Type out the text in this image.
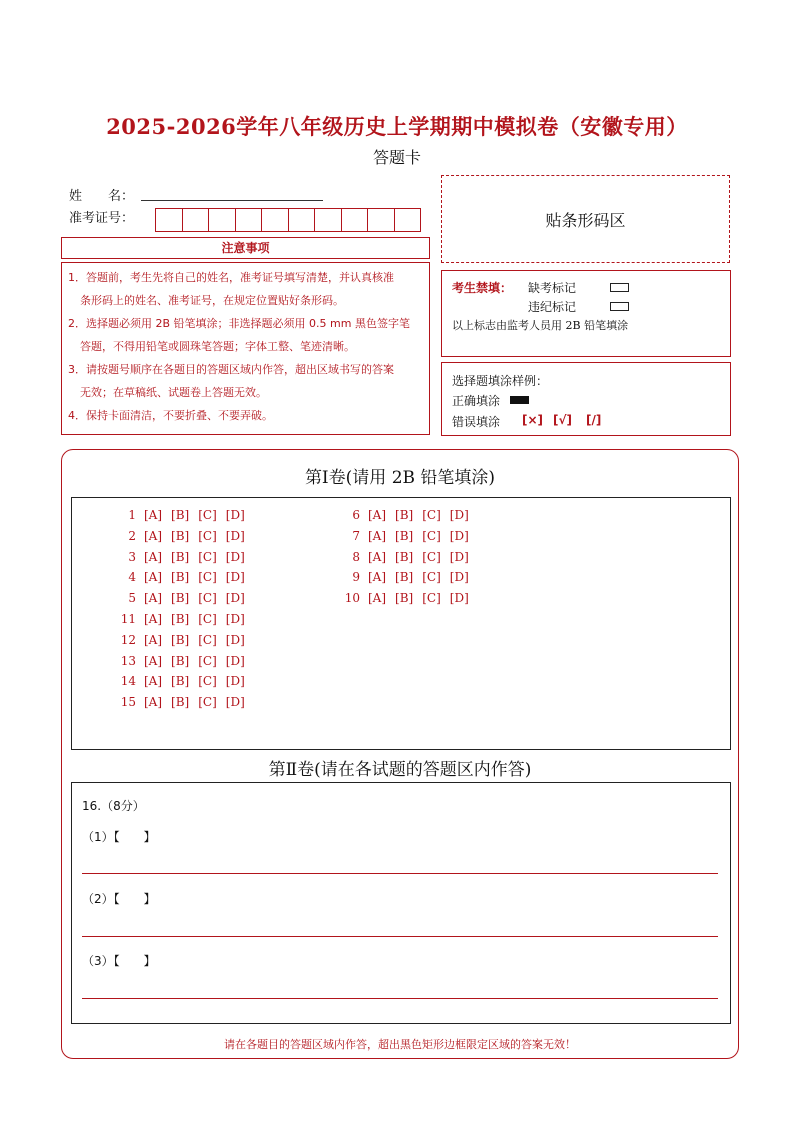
2025-2026学年八年级历史上学期期中模拟卷（安徽专用）
答题卡
姓　　名：
准考证号：	贴条形码区
注意事项
1．答题前，考生先将自己的姓名，准考证号填写清楚，并认真核准
条形码上的姓名、准考证号，在规定位置贴好条形码。
2．选择题必须用 2B 铅笔填涂；非选择题必须用 0.5 mm 黑色签字笔
答题，不得用铅笔或圆珠笔答题；字体工整、笔迹清晰。
3．请按题号顺序在各题目的答题区域内作答，超出区域书写的答案
无效；在草稿纸、试题卷上答题无效。
4．保持卡面清洁，不要折叠、不要弄破。
考生禁填： 缺考标记
违纪标记
以上标志由监考人员用 2B 铅笔填涂
选择题填涂样例：
正确填涂
错误填涂 [×] [√] [/]
第Ⅰ卷(请用 2B 铅笔填涂)
1 [A] [B] [C] [D]
2 [A] [B] [C] [D]
3 [A] [B] [C] [D]
4 [A] [B] [C] [D]
5 [A] [B] [C] [D]
11 [A] [B] [C] [D]
12 [A] [B] [C] [D]
13 [A] [B] [C] [D]
14 [A] [B] [C] [D]
15 [A] [B] [C] [D]
6 [A] [B] [C] [D]
7 [A] [B] [C] [D]
8 [A] [B] [C] [D]
9 [A] [B] [C] [D]
10 [A] [B] [C] [D]
第Ⅱ卷(请在各试题的答题区内作答)
16.（8分）
（1）【　　】
（2）【　　】
（3）【　　】
请在各题目的答题区域内作答，超出黑色矩形边框限定区域的答案无效！
